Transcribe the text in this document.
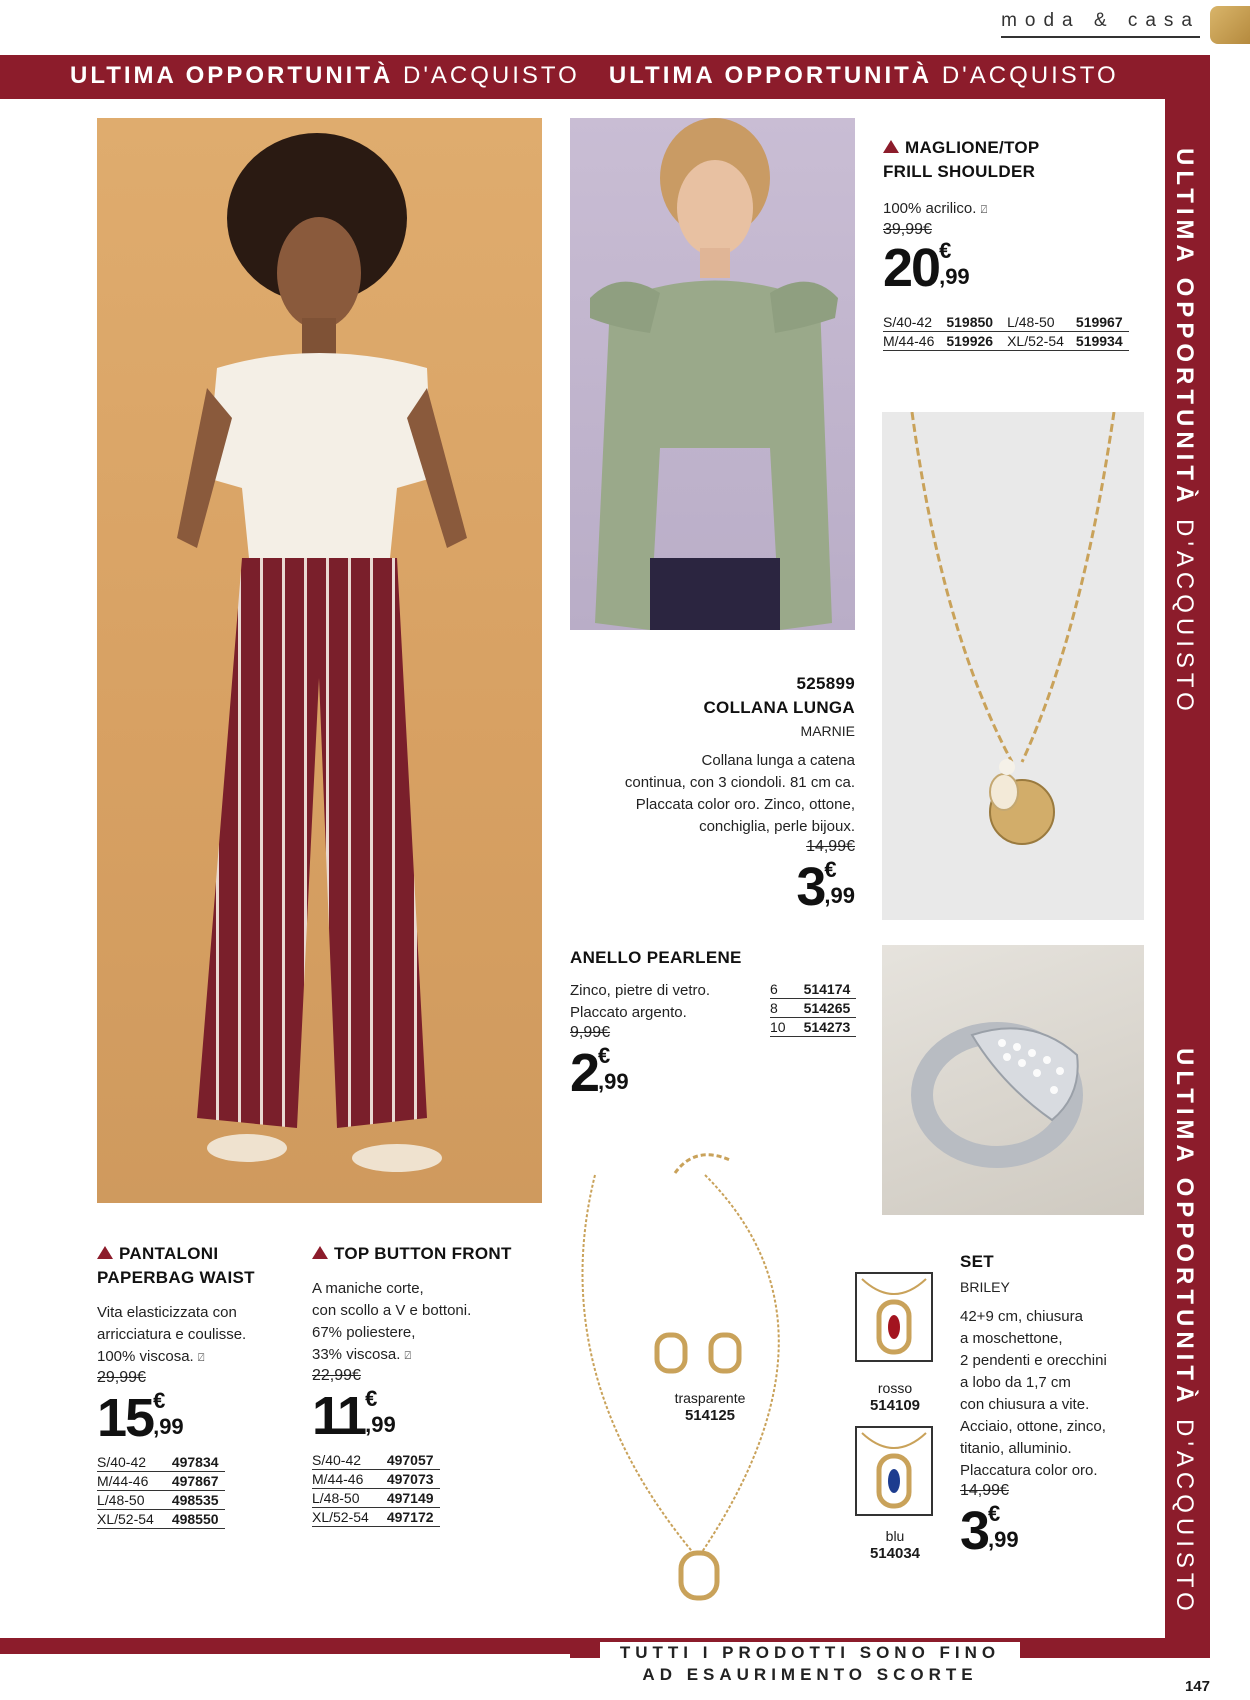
moda & casa
ULTIMA OPPORTUNITÀ D'ACQUISTO ULTIMA OPPORTUNITÀ D'ACQUISTO
ULTIMA OPPORTUNITÀ D'ACQUISTO
ULTIMA OPPORTUNITÀ D'ACQUISTO
MAGLIONE/TOP
FRILL SHOULDER
100% acrilico. ⍁
39,99€
20 €
,99
S/40-42	519850	L/48-50	519967
M/44-46	519926	XL/52-54	519934
525899
COLLANA LUNGA
MARNIE
Collana lunga a catena
continua, con 3 ciondoli. 81 cm ca.
Placcata color oro. Zinco, ottone,
conchiglia, perle bijoux.
14,99€
3 €
,99
ANELLO PEARLENE
Zinco, pietre di vetro.
Placcato argento.
9,99€
2 €
,99
6	514174
8	514265
10	514273
PANTALONI
PAPERBAG WAIST
Vita elasticizzata con
arricciatura e coulisse.
100% viscosa. ⍁
29,99€
15 €
,99
S/40-42	497834
M/44-46	497867
L/48-50	498535
XL/52-54	498550
TOP BUTTON FRONT
A maniche corte,
con scollo a V e bottoni.
67% poliestere,
33% viscosa. ⍁
22,99€
11 €
,99
S/40-42	497057
M/44-46	497073
L/48-50	497149
XL/52-54	497172
trasparente
514125
rosso
514109
blu
514034
SET
BRILEY
42+9 cm, chiusura
a moschettone,
2 pendenti e orecchini
a lobo da 1,7 cm
con chiusura a vite.
Acciaio, ottone, zinco,
titanio, alluminio.
Placcatura color oro.
14,99€
3 €
,99
TUTTI I PRODOTTI SONO FINO
AD ESAURIMENTO SCORTE
147
